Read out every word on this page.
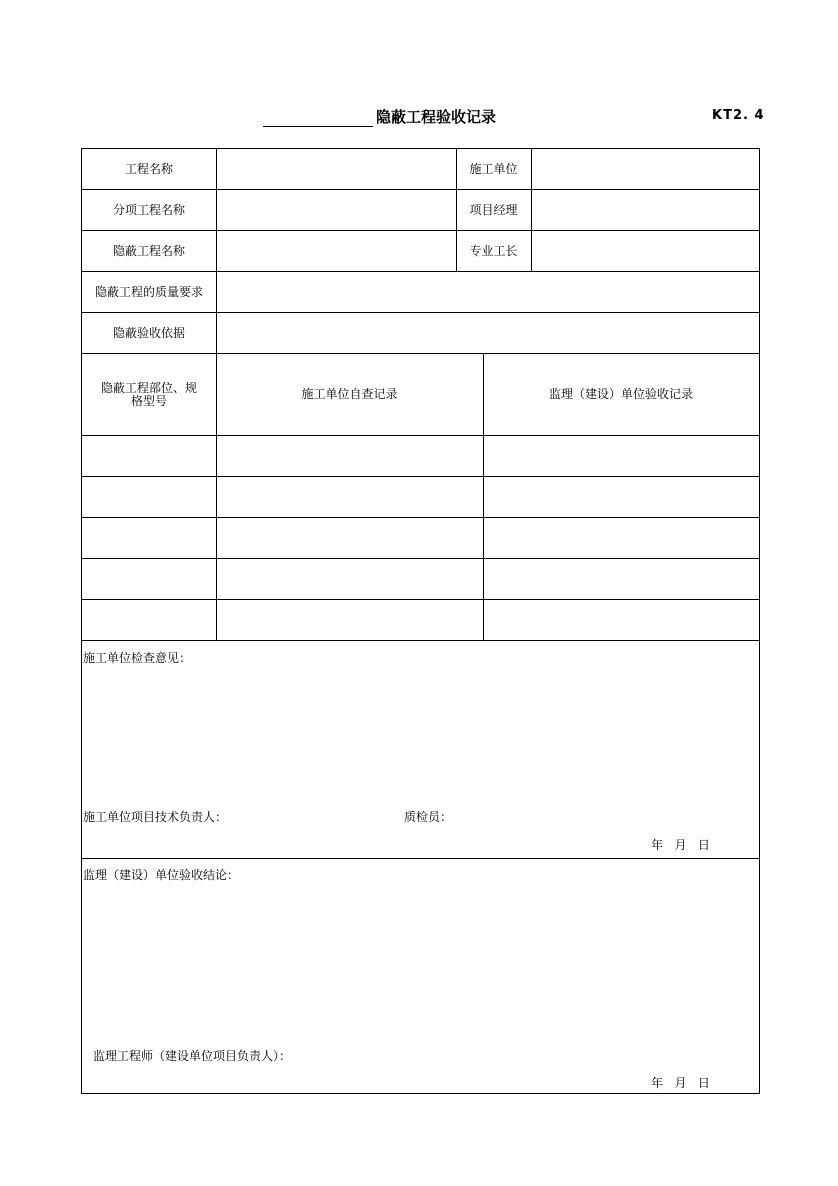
隐蔽工程验收记录	KT2. 4
工程名称	施工单位
分项工程名称	项目经理
隐蔽工程名称	专业工长
隐蔽工程的质量要求
隐蔽验收依据
隐蔽工程部位、规格型号	施工单位自查记录	监理（建设）单位验收记录
施工单位检查意见：
施工单位项目技术负责人：	质检员：
年   月   日
监理（建设）单位验收结论：
监理工程师（建设单位项目负责人）：
年   月   日
